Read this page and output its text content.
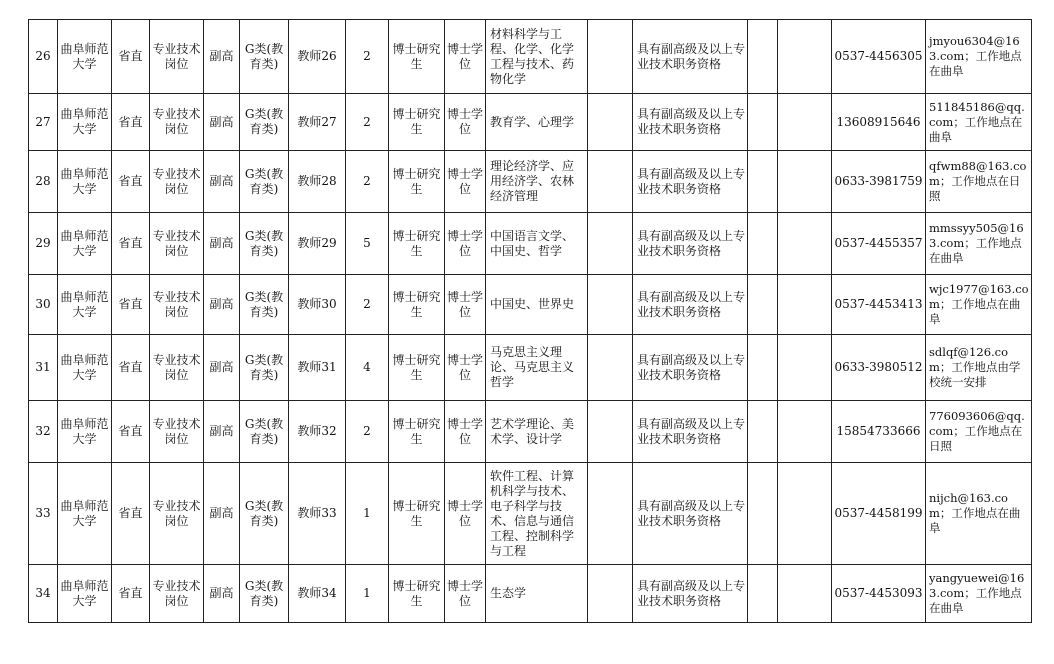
26	曲阜师范大学	省直	专业技术岗位	副高	G类(教育类)	教师26	2	博士研究生	博士学位	材料科学与工程、化学、化学工程与技术、药物化学		具有副高级及以上专业技术职务资格			0537-4456305	jmyou6304@163.com；工作地点在曲阜
27	曲阜师范大学	省直	专业技术岗位	副高	G类(教育类)	教师27	2	博士研究生	博士学位	教育学、心理学		具有副高级及以上专业技术职务资格			13608915646	511845186@qq.com；工作地点在曲阜
28	曲阜师范大学	省直	专业技术岗位	副高	G类(教育类)	教师28	2	博士研究生	博士学位	理论经济学、应用经济学、农林经济管理		具有副高级及以上专业技术职务资格			0633-3981759	qfwm88@163.com；工作地点在日照
29	曲阜师范大学	省直	专业技术岗位	副高	G类(教育类)	教师29	5	博士研究生	博士学位	中国语言文学、中国史、哲学		具有副高级及以上专业技术职务资格			0537-4455357	mmssyy505@163.com；工作地点在曲阜
30	曲阜师范大学	省直	专业技术岗位	副高	G类(教育类)	教师30	2	博士研究生	博士学位	中国史、世界史		具有副高级及以上专业技术职务资格			0537-4453413	wjc1977@163.com；工作地点在曲阜
31	曲阜师范大学	省直	专业技术岗位	副高	G类(教育类)	教师31	4	博士研究生	博士学位	马克思主义理论、马克思主义哲学		具有副高级及以上专业技术职务资格			0633-3980512	sdlqf@126.com；工作地点由学校统一安排
32	曲阜师范大学	省直	专业技术岗位	副高	G类(教育类)	教师32	2	博士研究生	博士学位	艺术学理论、美术学、设计学		具有副高级及以上专业技术职务资格			15854733666	776093606@qq.com；工作地点在日照
33	曲阜师范大学	省直	专业技术岗位	副高	G类(教育类)	教师33	1	博士研究生	博士学位	软件工程、计算机科学与技术、电子科学与技术、信息与通信工程、控制科学与工程		具有副高级及以上专业技术职务资格			0537-4458199	nijch@163.com；工作地点在曲阜
34	曲阜师范大学	省直	专业技术岗位	副高	G类(教育类)	教师34	1	博士研究生	博士学位	生态学		具有副高级及以上专业技术职务资格			0537-4453093	yangyuewei@163.com；工作地点在曲阜
